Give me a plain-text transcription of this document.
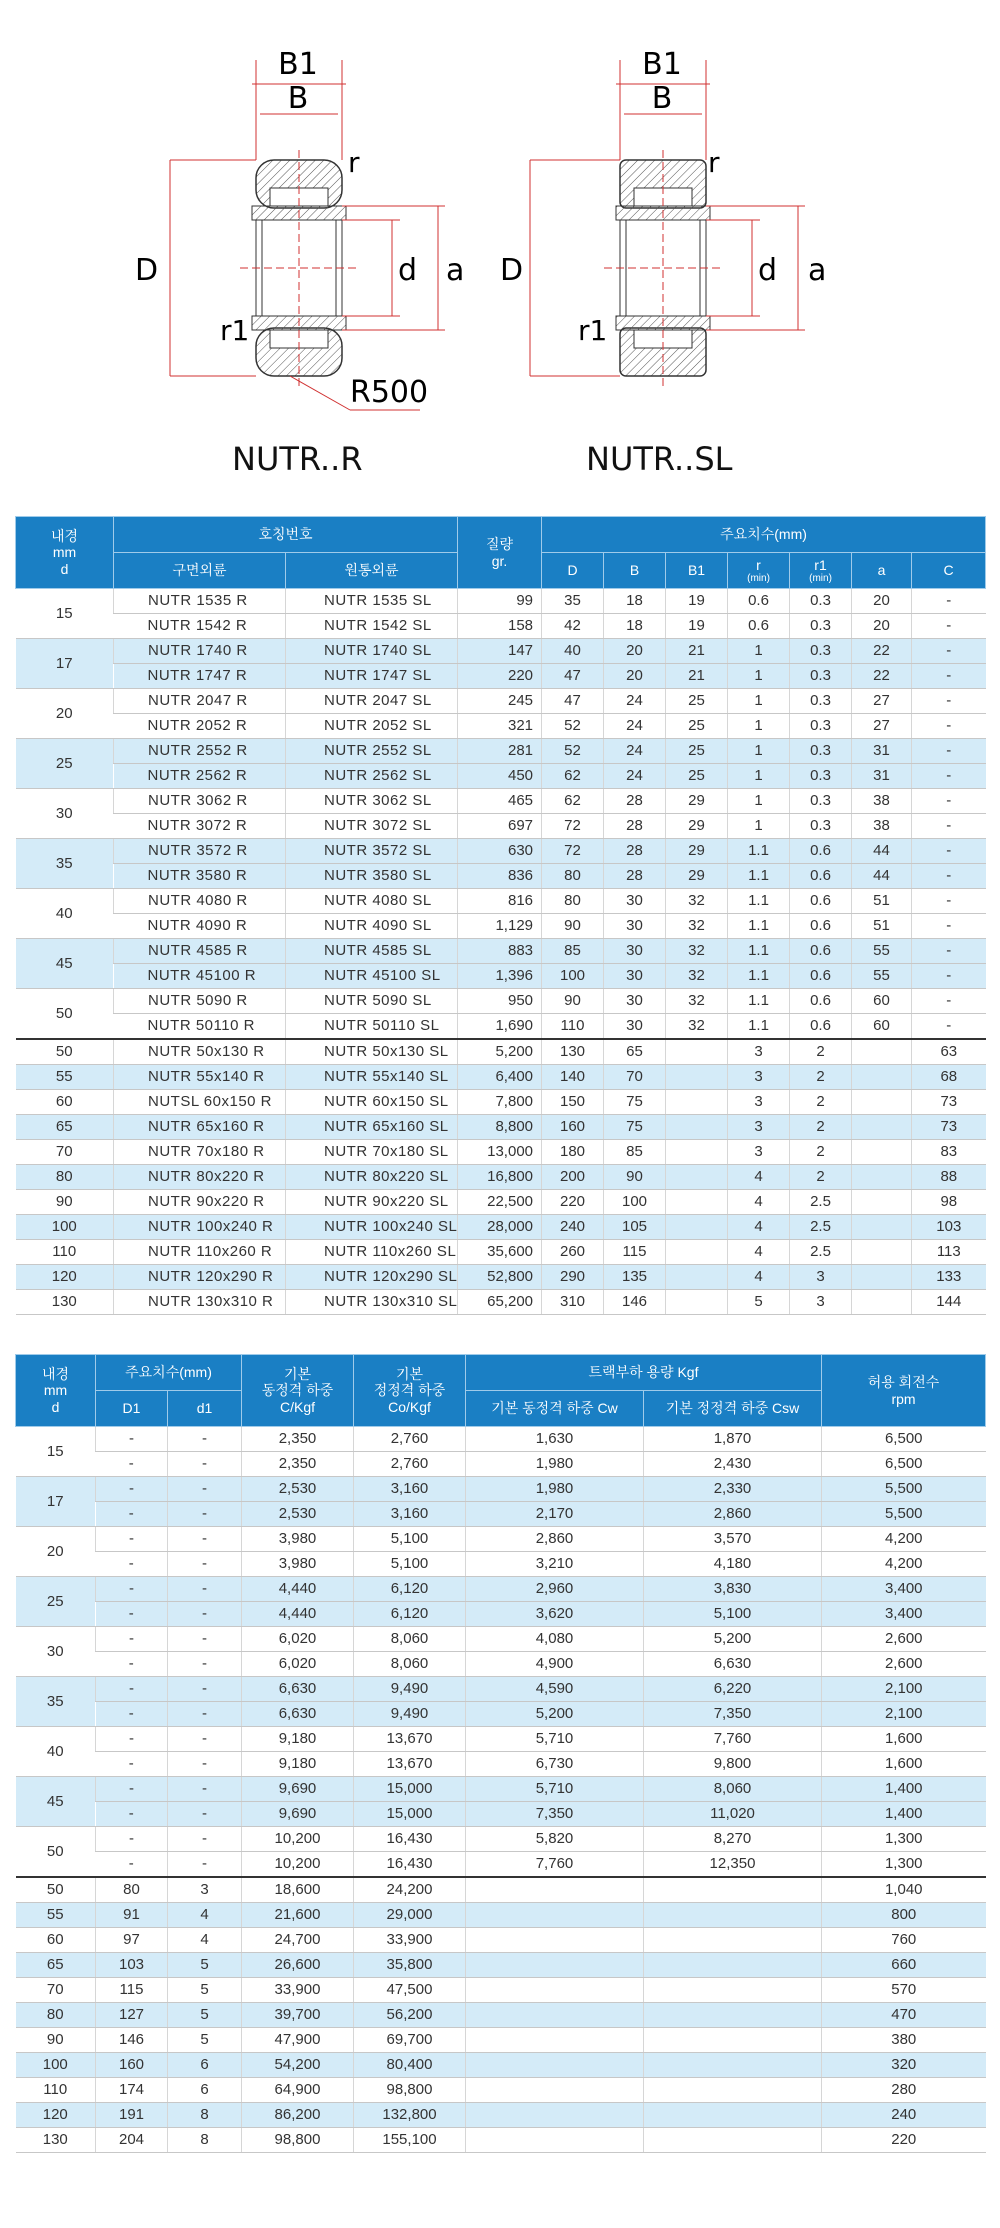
B1
B
r
D	d a
r1
R500
B1
B
r
D	d a
r1
NUTR..R	NUTR..SL
내경
mm
d	호칭번호		질량
gr.	주요치수(mm)						
	구면외륜	원통외륜		D	B	B1	r
(min)	r1
(min)	a	C
15	NUTR 1535 R	NUTR 1535 SL	99	35	18	19	0.6	0.3	20	-
	NUTR 1542 R	NUTR 1542 SL	158	42	18	19	0.6	0.3	20	-
17	NUTR 1740 R	NUTR 1740 SL	147	40	20	21	1	0.3	22	-
	NUTR 1747 R	NUTR 1747 SL	220	47	20	21	1	0.3	22	-
20	NUTR 2047 R	NUTR 2047 SL	245	47	24	25	1	0.3	27	-
	NUTR 2052 R	NUTR 2052 SL	321	52	24	25	1	0.3	27	-
25	NUTR 2552 R	NUTR 2552 SL	281	52	24	25	1	0.3	31	-
	NUTR 2562 R	NUTR 2562 SL	450	62	24	25	1	0.3	31	-
30	NUTR 3062 R	NUTR 3062 SL	465	62	28	29	1	0.3	38	-
	NUTR 3072 R	NUTR 3072 SL	697	72	28	29	1	0.3	38	-
35	NUTR 3572 R	NUTR 3572 SL	630	72	28	29	1.1	0.6	44	-
	NUTR 3580 R	NUTR 3580 SL	836	80	28	29	1.1	0.6	44	-
40	NUTR 4080 R	NUTR 4080 SL	816	80	30	32	1.1	0.6	51	-
	NUTR 4090 R	NUTR 4090 SL	1,129	90	30	32	1.1	0.6	51	-
45	NUTR 4585 R	NUTR 4585 SL	883	85	30	32	1.1	0.6	55	-
	NUTR 45100 R	NUTR 45100 SL	1,396	100	30	32	1.1	0.6	55	-
50	NUTR 5090 R	NUTR 5090 SL	950	90	30	32	1.1	0.6	60	-
	NUTR 50110 R	NUTR 50110 SL	1,690	110	30	32	1.1	0.6	60	-
50	NUTR 50x130 R	NUTR 50x130 SL	5,200	130	65		3	2		63
55	NUTR 55x140 R	NUTR 55x140 SL	6,400	140	70		3	2		68
60	NUTSL 60x150 R	NUTR 60x150 SL	7,800	150	75		3	2		73
65	NUTR 65x160 R	NUTR 65x160 SL	8,800	160	75		3	2		73
70	NUTR 70x180 R	NUTR 70x180 SL	13,000	180	85		3	2		83
80	NUTR 80x220 R	NUTR 80x220 SL	16,800	200	90		4	2		88
90	NUTR 90x220 R	NUTR 90x220 SL	22,500	220	100		4	2.5		98
100	NUTR 100x240 R	NUTR 100x240 SL	28,000	240	105		4	2.5		103
110	NUTR 110x260 R	NUTR 110x260 SL	35,600	260	115		4	2.5		113
120	NUTR 120x290 R	NUTR 120x290 SL	52,800	290	135		4	3		133
130	NUTR 130x310 R	NUTR 130x310 SL	65,200	310	146		5	3		144
내경
mm
d	주요치수(mm)		기본
동정격 하중
C/Kgf	기본
정정격 하중
Co/Kgf	트랙부하 용량 Kgf		허용 회전수
rpm
	D1	d1			기본 동정격 하중 Cw	기본 정정격 하중 Csw	
15	-	-	2,350	2,760	1,630	1,870	6,500
	-	-	2,350	2,760	1,980	2,430	6,500
17	-	-	2,530	3,160	1,980	2,330	5,500
	-	-	2,530	3,160	2,170	2,860	5,500
20	-	-	3,980	5,100	2,860	3,570	4,200
	-	-	3,980	5,100	3,210	4,180	4,200
25	-	-	4,440	6,120	2,960	3,830	3,400
	-	-	4,440	6,120	3,620	5,100	3,400
30	-	-	6,020	8,060	4,080	5,200	2,600
	-	-	6,020	8,060	4,900	6,630	2,600
35	-	-	6,630	9,490	4,590	6,220	2,100
	-	-	6,630	9,490	5,200	7,350	2,100
40	-	-	9,180	13,670	5,710	7,760	1,600
	-	-	9,180	13,670	6,730	9,800	1,600
45	-	-	9,690	15,000	5,710	8,060	1,400
	-	-	9,690	15,000	7,350	11,020	1,400
50	-	-	10,200	16,430	5,820	8,270	1,300
	-	-	10,200	16,430	7,760	12,350	1,300
50	80	3	18,600	24,200			1,040
55	91	4	21,600	29,000			800
60	97	4	24,700	33,900			760
65	103	5	26,600	35,800			660
70	115	5	33,900	47,500			570
80	127	5	39,700	56,200			470
90	146	5	47,900	69,700			380
100	160	6	54,200	80,400			320
110	174	6	64,900	98,800			280
120	191	8	86,200	132,800			240
130	204	8	98,800	155,100			220
